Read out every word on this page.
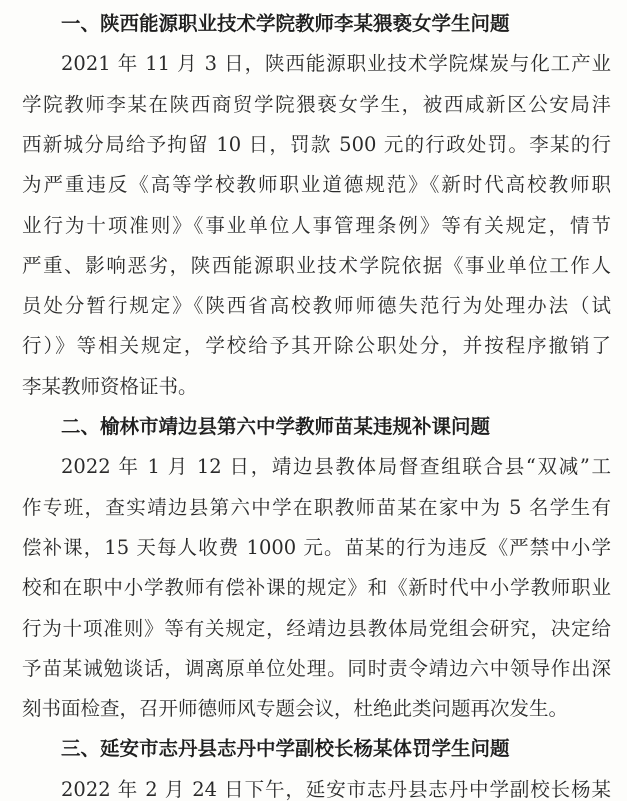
一、陕西能源职业技术学院教师李某猥亵女学生问题
2021 年 11 月 3 日，陕西能源职业技术学院煤炭与化工产业
学院教师李某在陕西商贸学院猥亵女学生，被西咸新区公安局沣
西新城分局给予拘留 10 日，罚款 500 元的行政处罚。李某的行
为严重违反《高等学校教师职业道德规范》《新时代高校教师职
业行为十项准则》《事业单位人事管理条例》等有关规定，情节
严重、影响恶劣，陕西能源职业技术学院依据《事业单位工作人
员处分暂行规定》《陕西省高校教师师德失范行为处理办法（试
行）》等相关规定，学校给予其开除公职处分，并按程序撤销了
李某教师资格证书。
二、榆林市靖边县第六中学教师苗某违规补课问题
2022 年 1 月 12 日，靖边县教体局督查组联合县“双减”工
作专班，查实靖边县第六中学在职教师苗某在家中为 5 名学生有
偿补课，15 天每人收费 1000 元。苗某的行为违反《严禁中小学
校和在职中小学教师有偿补课的规定》和《新时代中小学教师职业
行为十项准则》等有关规定，经靖边县教体局党组会研究，决定给
予苗某诫勉谈话，调离原单位处理。同时责令靖边六中领导作出深
刻书面检查，召开师德师风专题会议，杜绝此类问题再次发生。
三、延安市志丹县志丹中学副校长杨某体罚学生问题
2022 年 2 月 24 日下午，延安市志丹县志丹中学副校长杨某
